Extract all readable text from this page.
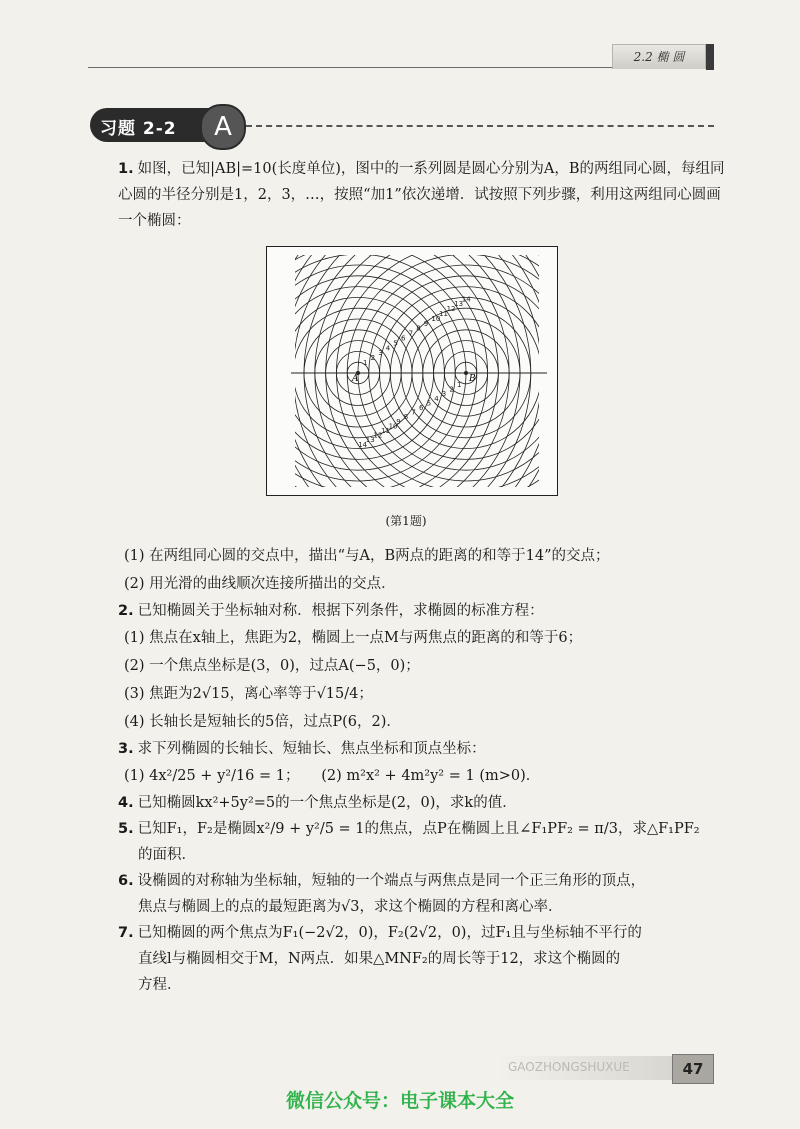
2.2 椭 圆
习题 2-2	A
1. 如图，已知|AB|=10(长度单位)，图中的一系列圆是圆心分别为A，B的两组同心圆，每组同心圆的半径分别是1，2，3，…，按照“加1”依次递增．试按照下列步骤，利用这两组同心圆画一个椭圆：
A	B
1
2
3
4
5
6
7
8
9
10
11
12
13
14
1
2
3
4
5
6
7
8
9
10
11
12
13
14
(第1题)
(1) 在两组同心圆的交点中，描出“与A，B两点的距离的和等于14”的交点；
(2) 用光滑的曲线顺次连接所描出的交点．
2. 已知椭圆关于坐标轴对称．根据下列条件，求椭圆的标准方程：
(1) 焦点在x轴上，焦距为2，椭圆上一点M与两焦点的距离的和等于6；
(2) 一个焦点坐标是(3，0)，过点A(−5，0)；
(3) 焦距为2√15，离心率等于√15/4；
(4) 长轴长是短轴长的5倍，过点P(6，2)．
3. 求下列椭圆的长轴长、短轴长、焦点坐标和顶点坐标：
(1) 4x²/25 + y²/16 = 1；　　(2) m²x² + 4m²y² = 1 (m>0)．
4. 已知椭圆kx²+5y²=5的一个焦点坐标是(2，0)，求k的值．
5. 已知F₁，F₂是椭圆x²/9 + y²/5 = 1的焦点，点P在椭圆上且∠F₁PF₂ = π/3，求△F₁PF₂
的面积．
6. 设椭圆的对称轴为坐标轴，短轴的一个端点与两焦点是同一个正三角形的顶点，
焦点与椭圆上的点的最短距离为√3，求这个椭圆的方程和离心率．
7. 已知椭圆的两个焦点为F₁(−2√2，0)，F₂(2√2，0)，过F₁且与坐标轴不平行的
直线l与椭圆相交于M，N两点．如果△MNF₂的周长等于12，求这个椭圆的
方程．
GAOZHONGSHUXUE	47
微信公众号：电子课本大全
